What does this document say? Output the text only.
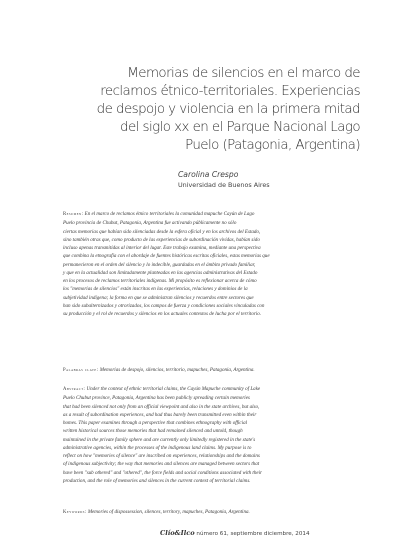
Memorias de silencios en el marco de
reclamos étnico-territoriales. Experiencias
de despojo y violencia en la primera mitad
del siglo xx en el Parque Nacional Lago
Puelo (Patagonia, Argentina)
Carolina Crespo
Universidad de Buenos Aires
Resumen: En el marco de reclamos étnico territoriales la comunidad mapuche Cayún de Lago
Puelo provincia de Chubut, Patagonia, Argentina fue activando públicamente no sólo
ciertas memorias que habían sido silenciadas desde la esfera oficial y en los archivos del Estado,
sino también otras que, como producto de las experiencias de subordinación vividas, habían sido
incluso apenas transmitidas al interior del lugar. Este trabajo examina, mediante una perspectiva
que combina la etnografía con el abordaje de fuentes históricas escritas oficiales, estas memorias que
permanecieron en el orden del silencio y lo indecible, guardadas en el ámbito privado familiar,
y que en la actualidad son limitadamente planteadas en las agencias administrativas del Estado
en los procesos de reclamos territoriales indígenas. Mi propósito es reflexionar acerca de cómo
los "memorias de silencios" están inscritas en las experiencias, relaciones y dominios de la
subjetividad indígena; la forma en que se administran silencios y recuerdos entre sectores que
han sido subalternizados y otrorizados, los campos de fuerza y condiciones sociales vinculadas con
su producción y el rol de recuerdos y silencios en los actuales contextos de lucha por el territorio.
Palabras clave: Memorias de despojo, silencios, territorio, mapuches, Patagonia, Argentina.
Abstract: Under the context of ethnic territorial claims, the Cayún Mapuche community of Lake
Puelo Chubut province, Patagonia, Argentina has been publicly spreading certain memories
that had been silenced not only from an official viewpoint and also in the state archives, but also,
as a result of subordination experiences, and had thus barely been transmitted even within their
homes. This paper examines through a perspective that combines ethnography with official
written historical sources those memories that had remained silenced and untold, though
maintained in the private family sphere and are currently only limitedly registered in the state's
administrative agencies, within the processes of the indigenous land claims. My purpose is to
reflect on how "memories of silence" are inscribed on experiences, relationships and the domains
of indigenous subjectivity; the way that memories and silences are managed between sectors that
have been "sub othered" and "othered", the force fields and social conditions associated with their
production, and the role of memories and silences in the current context of territorial claims.
Keywords: Memories of dispossession, silences, territory, mapuches, Patagonia, Argentina.
Clío&Ilco número 61, septiembre diciembre, 2014
